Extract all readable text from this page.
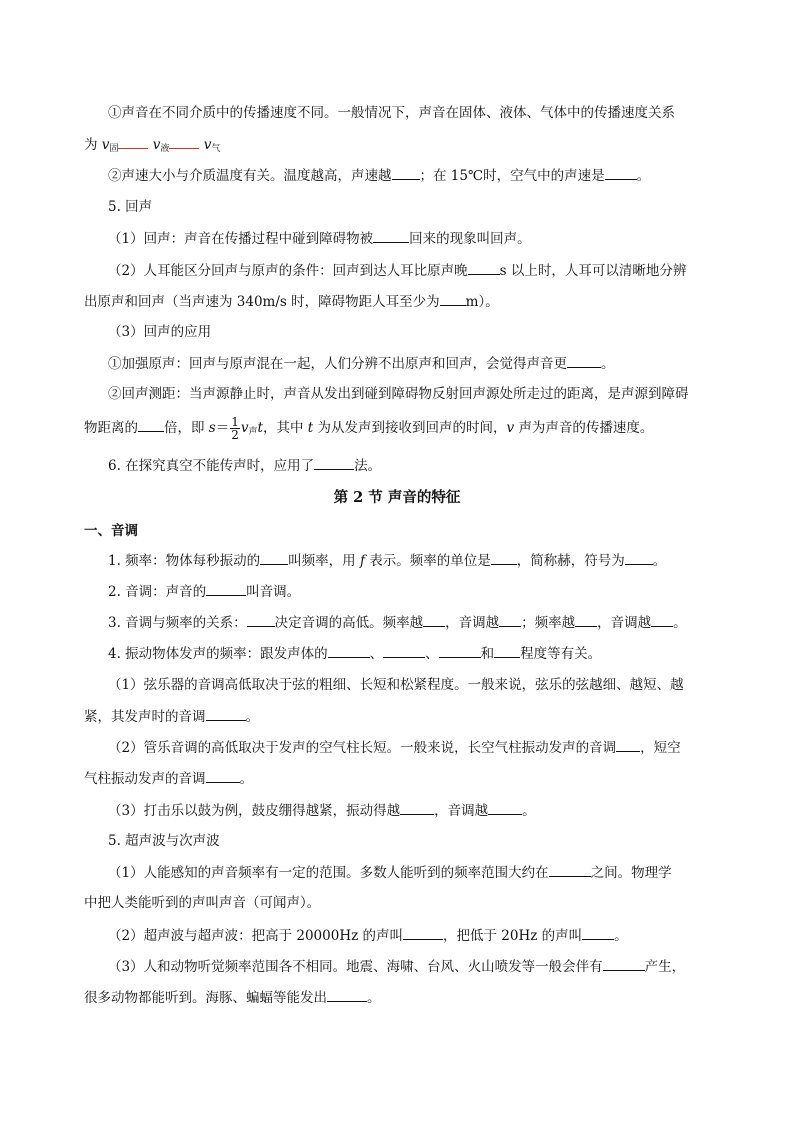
①声音在不同介质中的传播速度不同。一般情况下，声音在固体、液体、气体中的传播速度关系
为 $v_固$	$v_液$	$v_气$
②声速大小与介质温度有关。温度越高，声速越 ；在 15℃时，空气中的声速是 。
5. 回声
（1）回声：声音在传播过程中碰到障碍物被	回来的现象叫回声。
（2）人耳能区分回声与原声的条件：回声到达人耳比原声晚 s 以上时，人耳可以清晰地分辨
出原声和回声（当声速为 340m/s 时，障碍物距人耳至少为 m）。
（3）回声的应用
①加强原声：回声与原声混在一起，人们分辨不出原声和回声，会觉得声音更	。
②回声测距：当声源静止时，声音从发出到碰到障碍物反射回声源处所走过的距离，是声源到障碍
物距离的 倍，即 $s= \frac{1}{2} v_声t$，其中 t 为从发声到接收到回声的时间，v 声为声音的传播速度。
6. 在探究真空不能传声时，应用了	法。
第 2 节 声音的特征
一、音调
1. 频率：物体每秒振动的 叫频率，用 f 表示。频率的单位是 ，简称赫，符号为 。
2. 音调：声音的	叫音调。
3. 音调与频率的关系： 决定音调的高低。频率越 ，音调越 ；频率越 ，音调越 。
4. 振动物体发声的频率：跟发声体的	、	、	和 程度等有关。
（1）弦乐器的音调高低取决于弦的粗细、长短和松紧程度。一般来说，弦乐的弦越细、越短、越
紧，其发声时的音调	。
（2）管乐音调的高低取决于发声的空气柱长短。一般来说，长空气柱振动发声的音调 ，短空
气柱振动发声的音调	。
（3）打击乐以鼓为例，鼓皮绷得越紧，振动得越	，音调越	。
5. 超声波与次声波
（1）人能感知的声音频率有一定的范围。多数人能听到的频率范围大约在	之间。物理学
中把人类能听到的声叫声音（可闻声）。
（2）超声波与超声波：把高于 20000Hz 的声叫	，把低于 20Hz 的声叫 。
（3）人和动物听觉频率范围各不相同。地震、海啸、台风、火山喷发等一般会伴有	产生，
很多动物都能听到。海豚、蝙蝠等能发出	。
